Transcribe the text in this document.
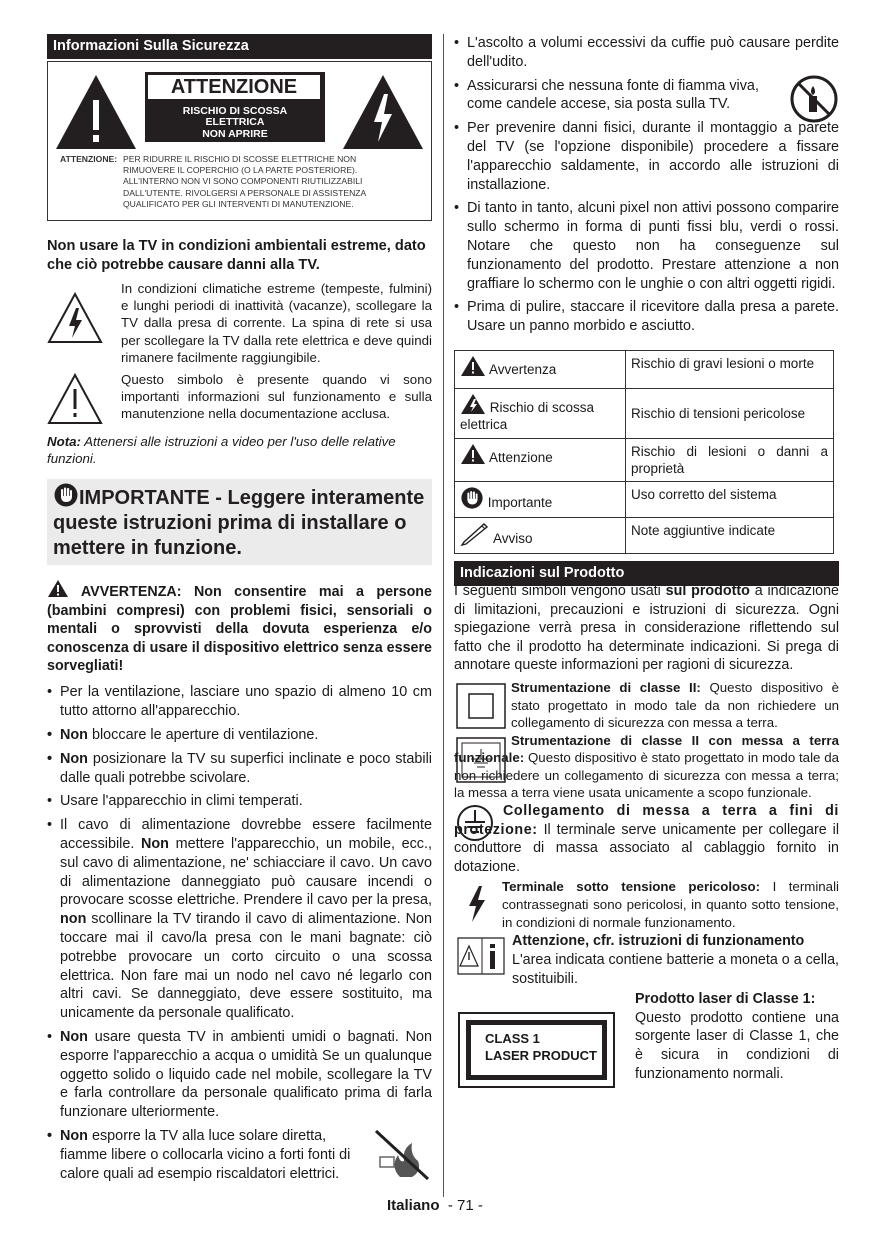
Informazioni Sulla Sicurezza
ATTENZIONE
RISCHIO DI SCOSSA
ELETTRICA
NON APRIRE
ATTENZIONE: PER RIDURRE IL RISCHIO DI SCOSSE ELETTRICHE NON RIMUOVERE IL COPERCHIO (O LA PARTE POSTERIORE). ALL'INTERNO NON VI SONO COMPONENTI RIUTILIZZABILI DALL'UTENTE. RIVOLGERSI A PERSONALE DI ASSISTENZA QUALIFICATO PER GLI INTERVENTI DI MANUTENZIONE.

Non usare la TV in condizioni ambientali estreme, dato che ciò potrebbe causare danni alla TV.

In condizioni climatiche estreme (tempeste, fulmini) e lunghi periodi di inattività (vacanze), scollegare la TV dalla presa di corrente. La spina di rete si usa per scollegare la TV dalla rete elettrica e deve quindi rimanere facilmente raggiungibile.

Questo simbolo è presente quando vi sono importanti informazioni sul funzionamento e sulla manutenzione nella documentazione acclusa.

Nota: Attenersi alle istruzioni a video per l'uso delle relative funzioni.

IMPORTANTE - Leggere interamente queste istruzioni prima di installare o mettere in funzione.

AVVERTENZA: Non consentire mai a persone (bambini compresi) con problemi fisici, sensoriali o mentali o sprovvisti della dovuta esperienza e/o conoscenza di usare il dispositivo elettrico senza essere sorvegliati!

• Per la ventilazione, lasciare uno spazio di almeno 10 cm tutto attorno all'apparecchio.
• Non bloccare le aperture di ventilazione.
• Non posizionare la TV su superfici inclinate e poco stabili dalle quali potrebbe scivolare.
• Usare l'apparecchio in climi temperati.
• Il cavo di alimentazione dovrebbe essere facilmente accessibile. Non mettere l'apparecchio, un mobile, ecc., sul cavo di alimentazione, ne' schiacciare il cavo. Un cavo di alimentazione danneggiato può causare incendi o provocare scosse elettriche. Prendere il cavo per la presa, non scollinare la TV tirando il cavo di alimentazione. Non toccare mai il cavo/la presa con le mani bagnate: ciò potrebbe provocare un corto circuito o una scossa elettrica. Non fare mai un nodo nel cavo né legarlo con altri cavi. Se danneggiato, deve essere sostituito, ma unicamente da personale qualificato.
• Non usare questa TV in ambienti umidi o bagnati. Non esporre l'apparecchio a acqua o umidità Se un qualunque oggetto solido o liquido cade nel mobile, scollegare la TV e farla controllare da personale qualificato prima di farla funzionare ulteriormente.
• Non esporre la TV alla luce solare diretta, fiamme libere o collocarla vicino a forti fonti di calore quali ad esempio riscaldatori elettrici.
• L'ascolto a volumi eccessivi da cuffie può causare perdite dell'udito.
• Assicurarsi che nessuna fonte di fiamma viva, come candele accese, sia posta sulla TV.
• Per prevenire danni fisici, durante il montaggio a parete del TV (se l'opzione disponibile) procedere a fissare l'apparecchio saldamente, in accordo alle istruzioni di installazione.
• Di tanto in tanto, alcuni pixel non attivi possono comparire sullo schermo in forma di punti fissi blu, verdi o rossi. Notare che questo non ha conseguenze sul funzionamento del prodotto. Prestare attenzione a non graffiare lo schermo con le unghie o con altri oggetti rigidi.
• Prima di pulire, staccare il ricevitore dalla presa a parete. Usare un panno morbido e asciutto.
Avvertenza	Rischio di gravi lesioni o morte
Rischio di scossa elettrica	Rischio di tensioni pericolose
Attenzione	Rischio di lesioni o danni a proprietà
Importante	Uso corretto del sistema
Avviso	Note aggiuntive indicate
Indicazioni sul Prodotto

I seguenti simboli vengono usati sul prodotto a indicazione di limitazioni, precauzioni e istruzioni di sicurezza. Ogni spiegazione verrà presa in considerazione riflettendo sul fatto che il prodotto ha determinate indicazioni. Si prega di annotare queste informazioni per ragioni di sicurezza.

Strumentazione di classe II: Questo dispositivo è stato progettato in modo tale da non richiedere un collegamento di sicurezza con messa a terra.

Strumentazione di classe II con messa a terra funzionale: Questo dispositivo è stato progettato in modo tale da non richiedere un collegamento di sicurezza con messa a terra; la messa a terra viene usata unicamente a scopo funzionale.

Collegamento di messa a terra a fini di protezione: Il terminale serve unicamente per collegare il conduttore di massa associato al cablaggio fornito in dotazione.

Terminale sotto tensione pericoloso: I terminali contrassegnati sono pericolosi, in quanto sotto tensione, in condizioni di normale funzionamento.

Attenzione, cfr. istruzioni di funzionamento
L'area indicata contiene batterie a moneta o a cella, sostituibili.

CLASS 1
LASER PRODUCT

Prodotto laser di Classe 1:
Questo prodotto contiene una sorgente laser di Classe 1, che è sicura in condizioni di funzionamento normali.

Italiano - 71 -
